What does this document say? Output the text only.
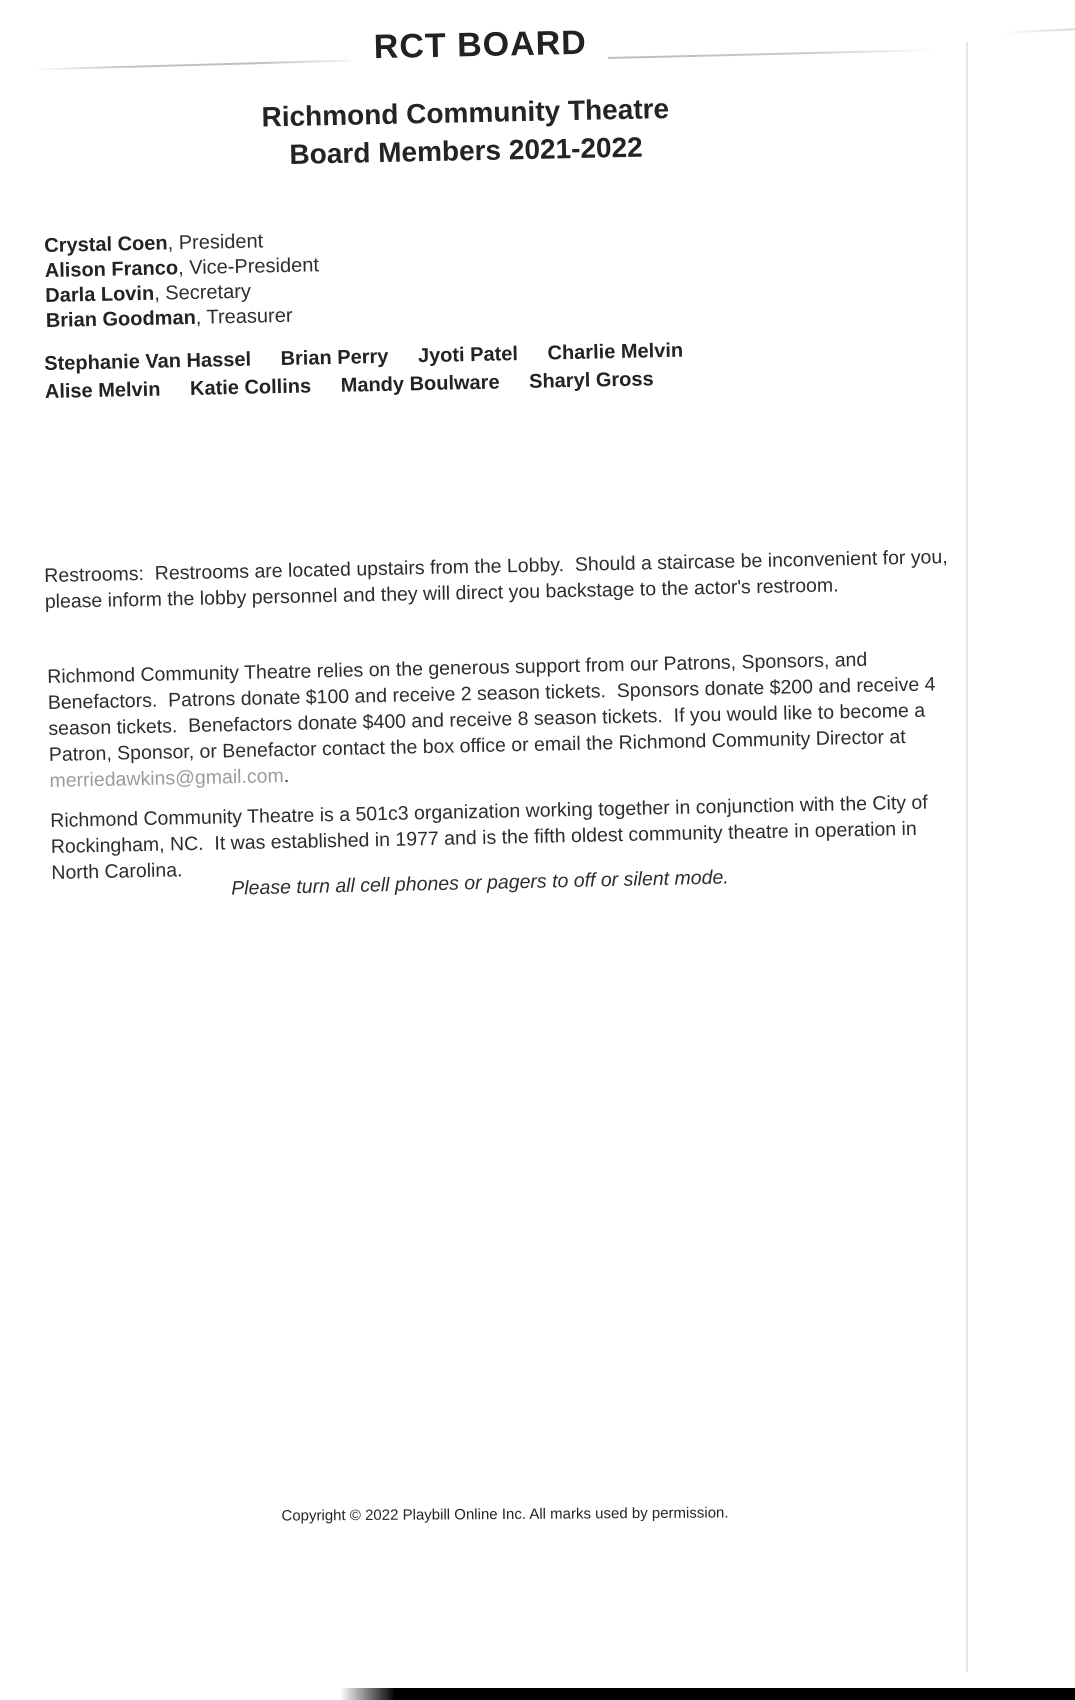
RCT BOARD
Richmond Community Theatre
Board Members 2021-2022
Crystal Coen, President
Alison Franco, Vice-President
Darla Lovin, Secretary
Brian Goodman, Treasurer
Stephanie Van Hassel Brian Perry Jyoti Patel Charlie Melvin
Alise Melvin Katie Collins Mandy Boulware Sharyl Gross

Restrooms:  Restrooms are located upstairs from the Lobby.  Should a staircase be inconvenient for you, please inform the lobby personnel and they will direct you backstage to the actor's restroom.

Richmond Community Theatre relies on the generous support from our Patrons, Sponsors, and Benefactors.  Patrons donate $100 and receive 2 season tickets.  Sponsors donate $200 and receive 4 season tickets.  Benefactors donate $400 and receive 8 season tickets.  If you would like to become a Patron, Sponsor, or Benefactor contact the box office or email the Richmond Community Director at merriedawkins@gmail.com.

Richmond Community Theatre is a 501c3 organization working together in conjunction with the City of Rockingham, NC.  It was established in 1977 and is the fifth oldest community theatre in operation in North Carolina.	Please turn all cell phones or pagers to off or silent mode.
Copyright © 2022 Playbill Online Inc. All marks used by permission.
